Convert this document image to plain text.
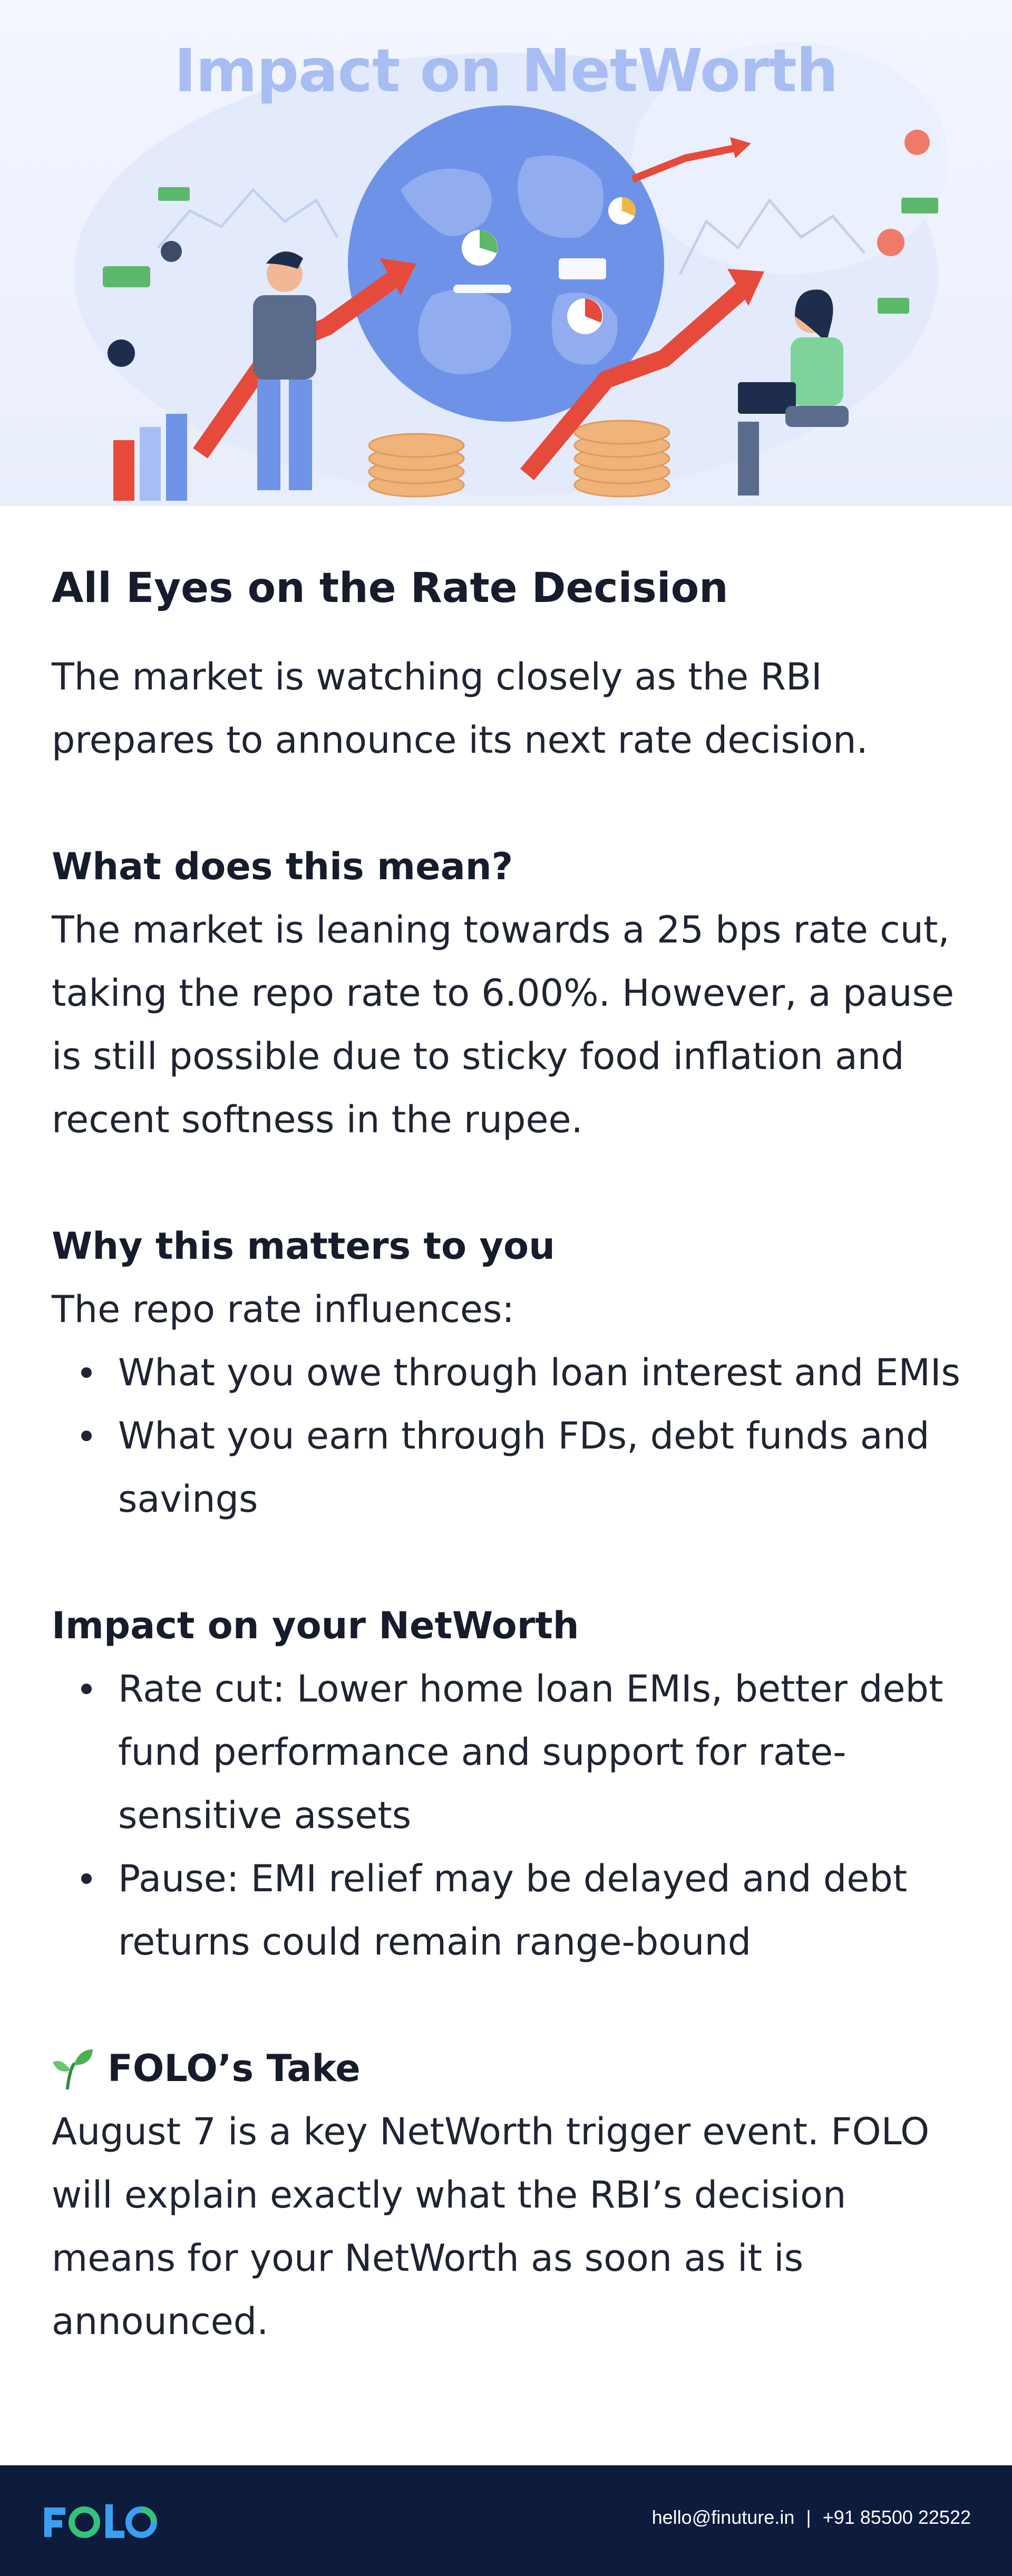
Impact on NetWorth
All Eyes on the Rate Decision

The market is watching closely as the RBI prepares to announce its next rate decision.

What does this mean?

The market is leaning towards a 25 bps rate cut, taking the repo rate to 6.00%. However, a pause is still possible due to sticky food inflation and recent softness in the rupee.

Why this matters to you

The repo rate influences:

What you owe through loan interest and EMIs
What you earn through FDs, debt funds and savings
Impact on your NetWorth
Rate cut: Lower home loan EMIs, better debt fund performance and support for rate-sensitive assets
Pause: EMI relief may be delayed and debt returns could remain range-bound
FOLO’s Take

August 7 is a key NetWorth trigger event. FOLO will explain exactly what the RBI’s decision means for your NetWorth as soon as it is announced.

hello@finuture.in | +91 85500 22522
